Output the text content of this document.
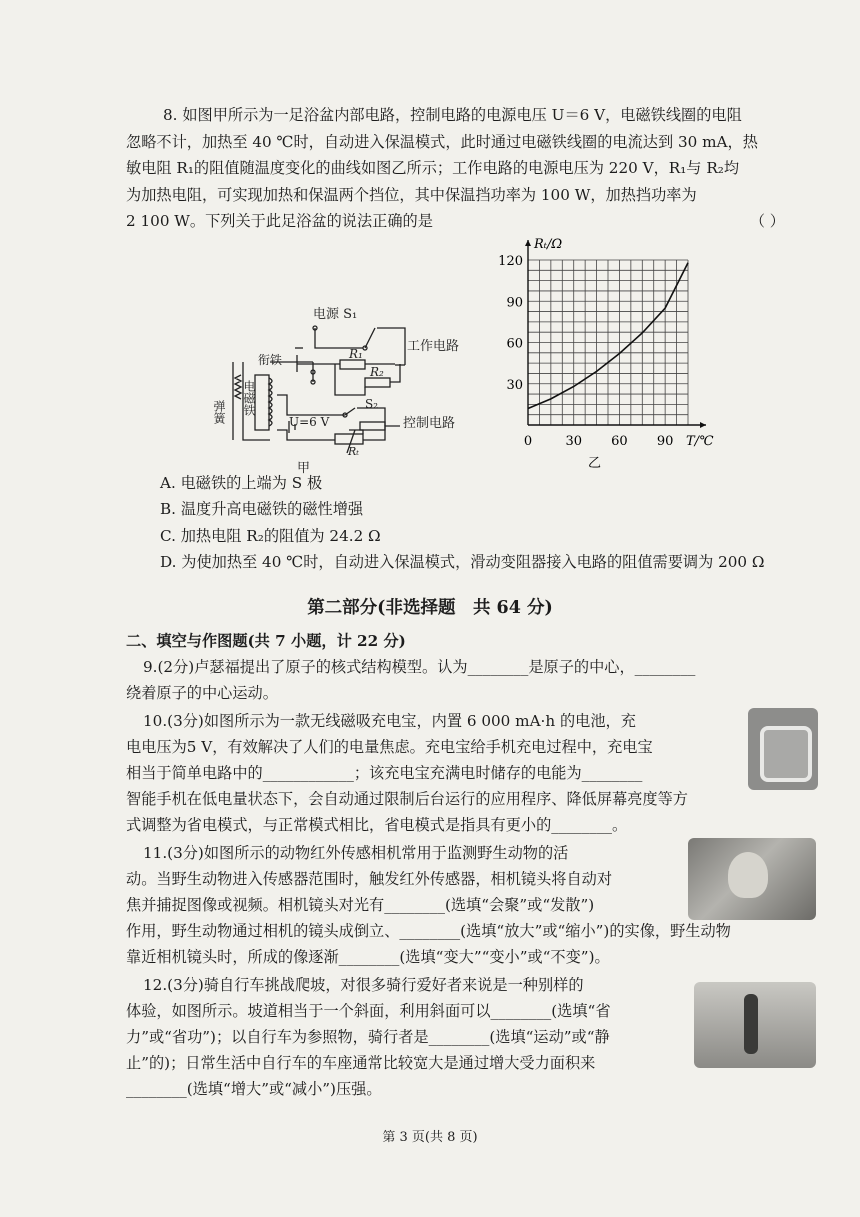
8. 如图甲所示为一足浴盆内部电路，控制电路的电源电压 U＝6 V，电磁铁线圈的电阻
忽略不计，加热至 40 ℃时，自动进入保温模式，此时通过电磁铁线圈的电流达到 30 mA，热
敏电阻 R₁的阻值随温度变化的曲线如图乙所示；工作电路的电源电压为 220 V，R₁与 R₂均
为加热电阻，可实现加热和保温两个挡位，其中保温挡功率为 100 W，加热挡功率为
2 100 W。下列关于此足浴盆的说法正确的是	（ ）
电源 S₁
衔铁
工作电路
R₁
R₂
S₂
U=6 V	控制电路
Rₜ
弹簧 电磁铁
甲
0	30 60 90
30
60
90
120
T/℃
Rₜ/Ω
乙
A. 电磁铁的上端为 S 极
B. 温度升高电磁铁的磁性增强
C. 加热电阻 R₂的阻值为 24.2 Ω
D. 为使加热至 40 ℃时，自动进入保温模式，滑动变阻器接入电路的阻值需要调为 200 Ω
第二部分(非选择题　共 64 分)
二、填空与作图题(共 7 小题，计 22 分)
9.(2分)卢瑟福提出了原子的核式结构模型。认为________是原子的中心，________
绕着原子的中心运动。
10.(3分)如图所示为一款无线磁吸充电宝，内置 6 000 mA·h 的电池，充
电电压为5 V，有效解决了人们的电量焦虑。充电宝给手机充电过程中，充电宝
相当于简单电路中的____________；该充电宝充满电时储存的电能为________
智能手机在低电量状态下，会自动通过限制后台运行的应用程序、降低屏幕亮度等方
式调整为省电模式，与正常模式相比，省电模式是指具有更小的________。
11.(3分)如图所示的动物红外传感相机常用于监测野生动物的活
动。当野生动物进入传感器范围时，触发红外传感器，相机镜头将自动对
焦并捕捉图像或视频。相机镜头对光有________(选填“会聚”或“发散”)
作用，野生动物通过相机的镜头成倒立、________(选填“放大”或“缩小”)的实像，野生动物
靠近相机镜头时，所成的像逐渐________(选填“变大”“变小”或“不变”)。
12.(3分)骑自行车挑战爬坡，对很多骑行爱好者来说是一种别样的
体验，如图所示。坡道相当于一个斜面，利用斜面可以________(选填“省
力”或“省功”)；以自行车为参照物，骑行者是________(选填“运动”或“静
止”的)；日常生活中自行车的车座通常比较宽大是通过增大受力面积来
________(选填“增大”或“减小”)压强。
第 3 页(共 8 页)
